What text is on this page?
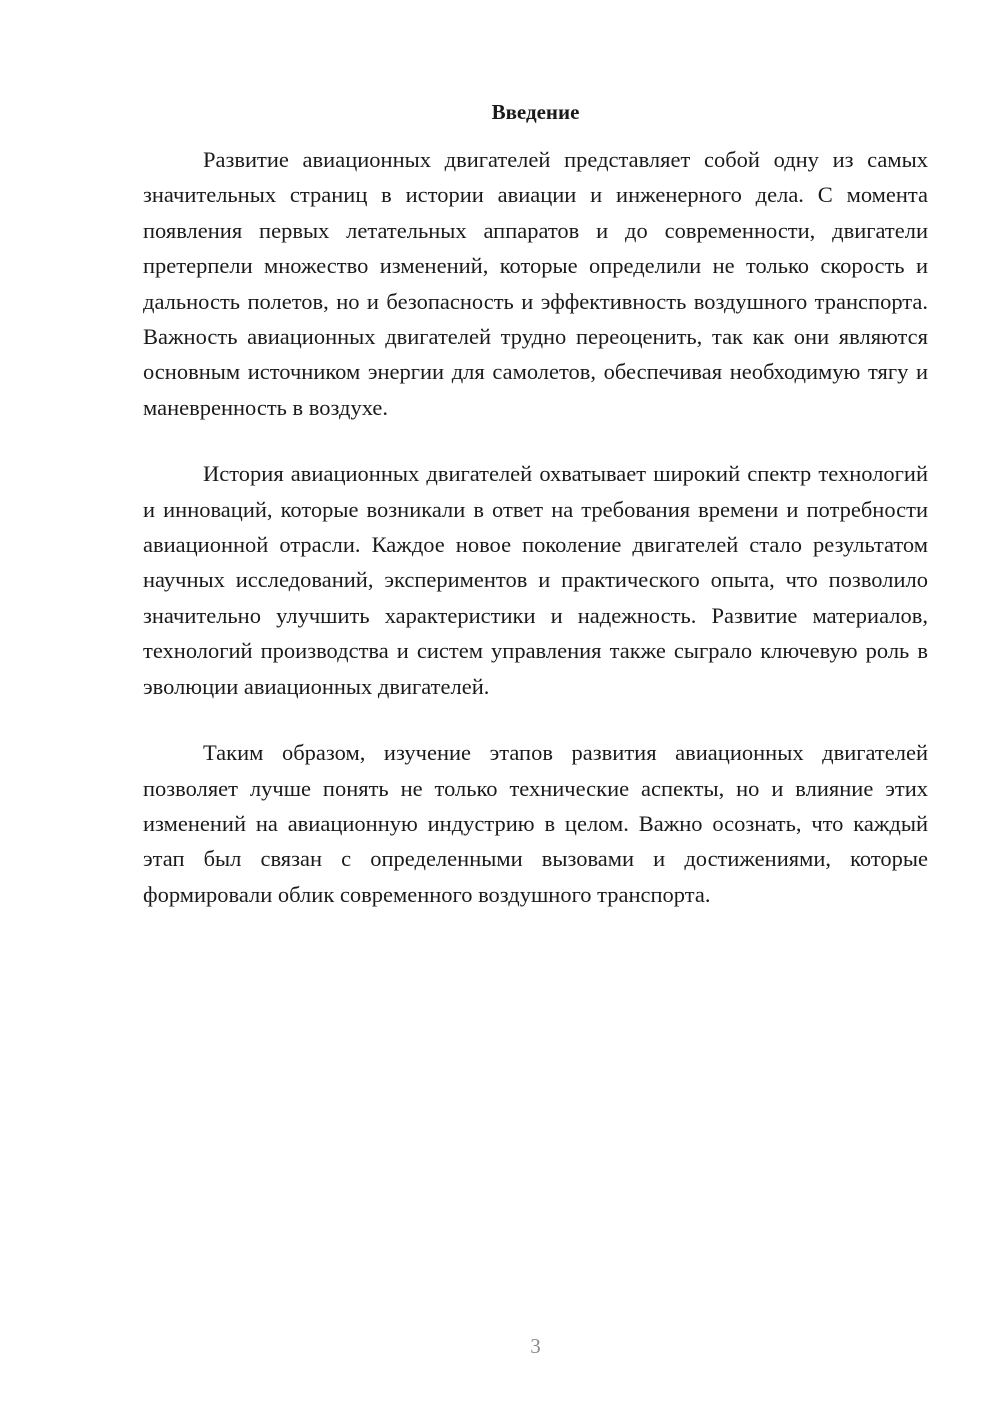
Введение

Развитие авиационных двигателей представляет собой одну из самых значительных страниц в истории авиации и инженерного дела. С момента появления первых летательных аппаратов и до современности, двигатели претерпели множество изменений, которые определили не только скорость и дальность полетов, но и безопасность и эффективность воздушного транспорта. Важность авиационных двигателей трудно переоценить, так как они являются основным источником энергии для самолетов, обеспечивая необходимую тягу и маневренность в воздухе.

История авиационных двигателей охватывает широкий спектр технологий и инноваций, которые возникали в ответ на требования времени и потребности авиационной отрасли. Каждое новое поколение двигателей стало результатом научных исследований, экспериментов и практического опыта, что позволило значительно улучшить характеристики и надежность. Развитие материалов, технологий производства и систем управления также сыграло ключевую роль в эволюции авиационных двигателей.

Таким образом, изучение этапов развития авиационных двигателей позволяет лучше понять не только технические аспекты, но и влияние этих изменений на авиационную индустрию в целом. Важно осознать, что каждый этап был связан с определенными вызовами и достижениями, которые формировали облик современного воздушного транспорта.

3
